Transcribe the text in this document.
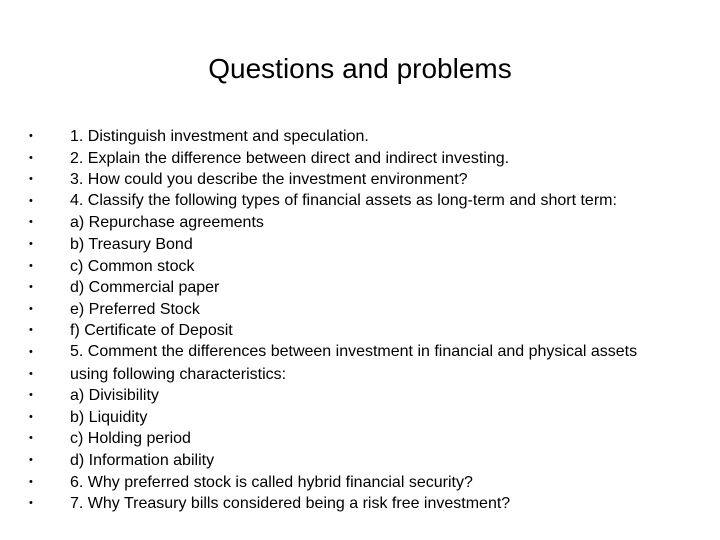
Questions and problems
• 1. Distinguish investment and speculation.
• 2. Explain the difference between direct and indirect investing.
• 3. How could you describe the investment environment?
• 4. Classify the following types of financial assets as long-term and short term:
• a) Repurchase agreements
• b) Treasury Bond
• c) Common stock
• d) Commercial paper
• e) Preferred Stock
• f) Certificate of Deposit
• 5. Comment the differences between investment in financial and physical assets
• using following characteristics:
• a) Divisibility
• b) Liquidity
• c) Holding period
• d) Information ability
• 6. Why preferred stock is called hybrid financial security?
• 7. Why Treasury bills considered being a risk free investment?
